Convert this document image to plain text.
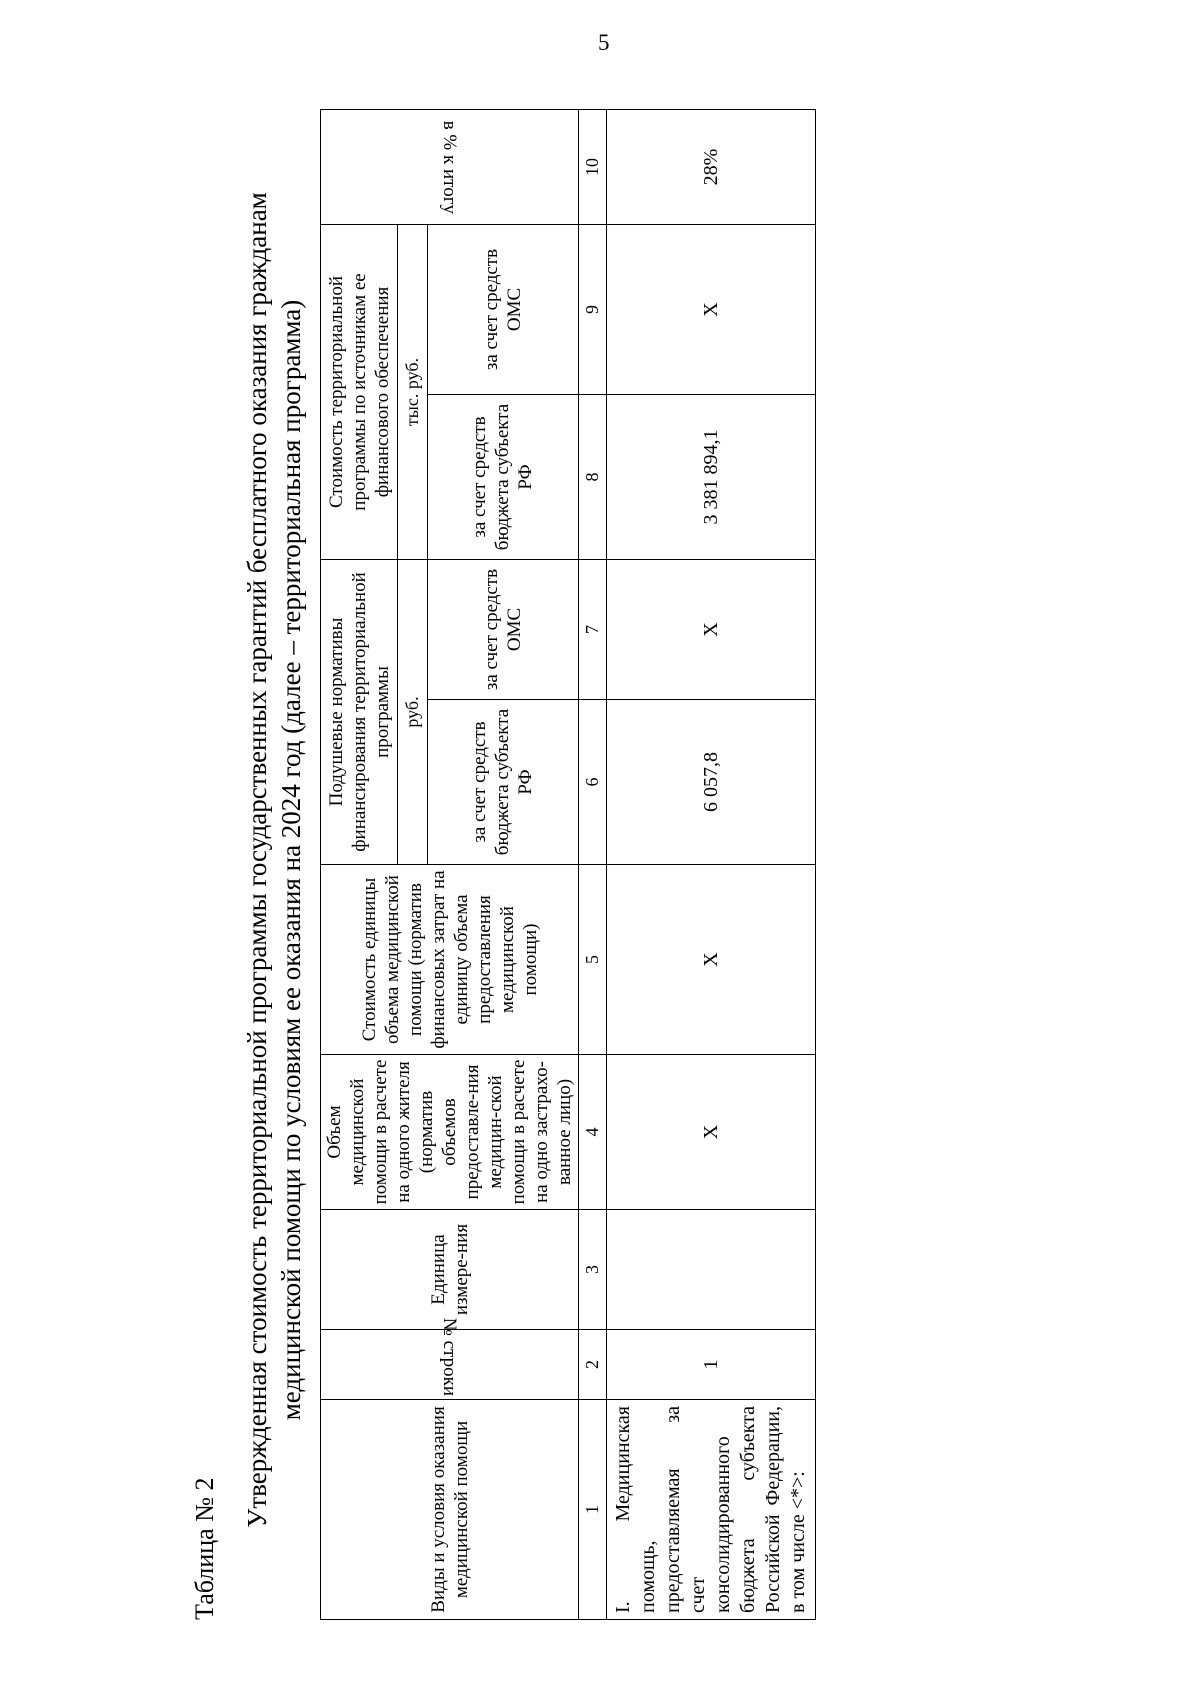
5
Таблица № 2
Утвержденная стоимость территориальной программы государственных гарантий бесплатного оказания гражданам медицинской помощи по условиям ее оказания на 2024 год (далее – территориальная программа)
Виды и условия оказания медицинской помощи	№ строки	Единица измере-ния	Объем медицинской помощи в расчете на одного жителя (норматив объемов предоставле-ния медицин-ской помощи в расчете на одно застрахо-ванное лицо)	Стоимость единицы объема медицинской помощи (норматив финансовых затрат на единицу объема предоставления медицинской помощи)	Подушевые нормативы финансирования территориальной программы		Стоимость территориальной программы по источникам ее финансового обеспечения		в % к итогу
					руб.		тыс. руб.		
					за счет средств бюджета субъекта РФ	за счет средств ОМС	за счет средств бюджета субъекта РФ	за счет средств ОМС	
1	2	3	4	5	6	7	8	9	10
I. Медицинская помощь, предоставляемая за счет консолидированного бюджета субъекта Российской Федерации, в том числе <*>:	1		Х	Х	6 057,8	Х	3 381 894,1	Х	28%
